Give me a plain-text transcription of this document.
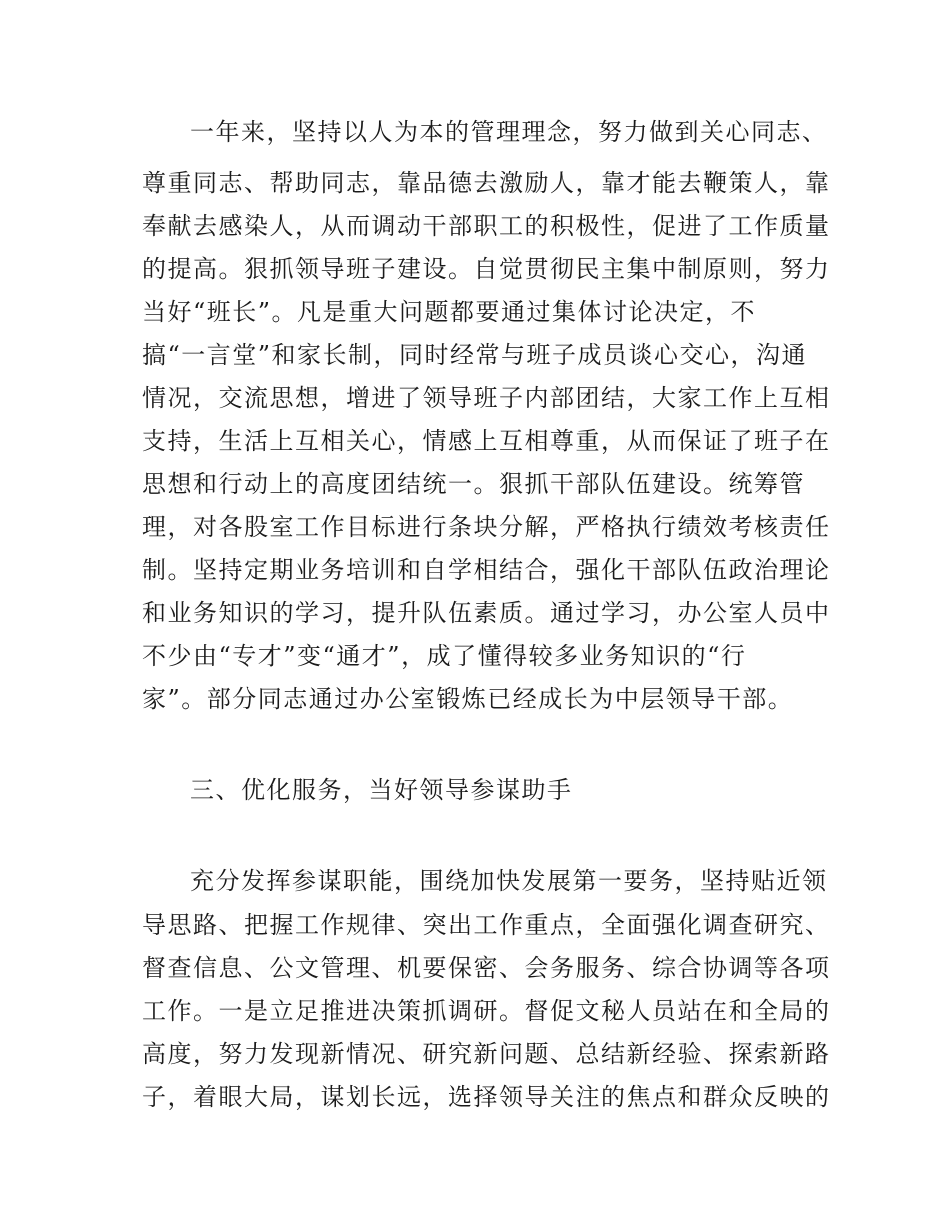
一年来，坚持以人为本的管理理念，努力做到关心同志、

尊重同志、帮助同志，靠品德去激励人，靠才能去鞭策人，靠

奉献去感染人，从而调动干部职工的积极性，促进了工作质量

的提高。狠抓领导班子建设。自觉贯彻民主集中制原则，努力

当好“班长”。凡是重大问题都要通过集体讨论决定，不

搞“一言堂”和家长制，同时经常与班子成员谈心交心，沟通

情况，交流思想，增进了领导班子内部团结，大家工作上互相

支持，生活上互相关心，情感上互相尊重，从而保证了班子在

思想和行动上的高度团结统一。狠抓干部队伍建设。统筹管

理，对各股室工作目标进行条块分解，严格执行绩效考核责任

制。坚持定期业务培训和自学相结合，强化干部队伍政治理论

和业务知识的学习，提升队伍素质。通过学习，办公室人员中

不少由“专才”变“通才”，成了懂得较多业务知识的“行

家”。部分同志通过办公室锻炼已经成长为中层领导干部。

三、优化服务，当好领导参谋助手

充分发挥参谋职能，围绕加快发展第一要务，坚持贴近领

导思路、把握工作规律、突出工作重点，全面强化调查研究、

督查信息、公文管理、机要保密、会务服务、综合协调等各项

工作。一是立足推进决策抓调研。督促文秘人员站在和全局的

高度，努力发现新情况、研究新问题、总结新经验、探索新路

子，着眼大局，谋划长远，选择领导关注的焦点和群众反映的
